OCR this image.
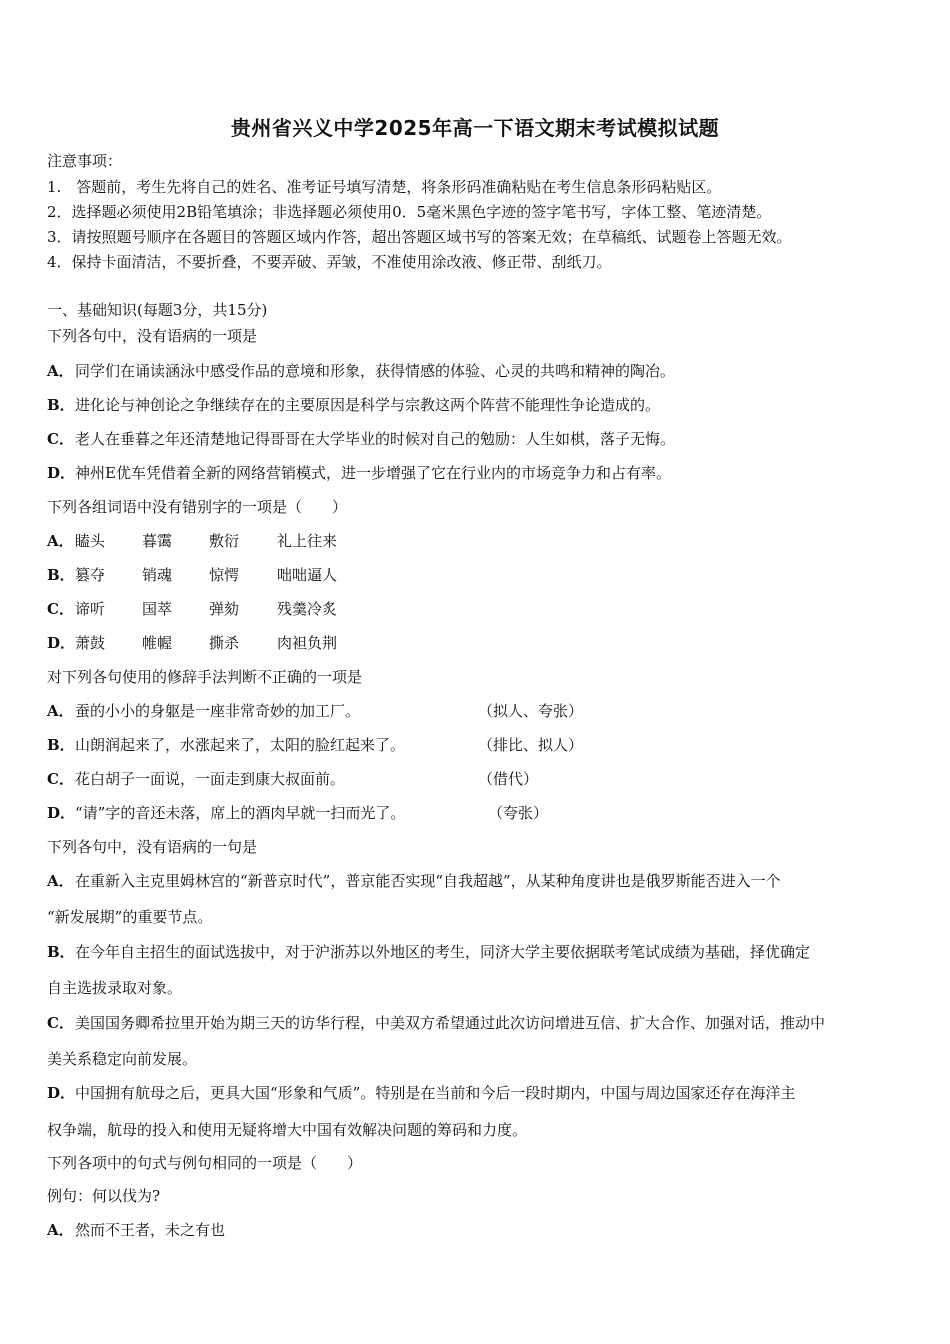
贵州省兴义中学2025年高一下语文期末考试模拟试题
注意事项：
1.　答题前，考生先将自己的姓名、准考证号填写清楚，将条形码准确粘贴在考生信息条形码粘贴区。
2．选择题必须使用2B铅笔填涂；非选择题必须使用0．5毫米黑色字迹的签字笔书写，字体工整、笔迹清楚。
3．请按照题号顺序在各题目的答题区域内作答，超出答题区域书写的答案无效；在草稿纸、试题卷上答题无效。
4．保持卡面清洁，不要折叠，不要弄破、弄皱，不准使用涂改液、修正带、刮纸刀。
一、基础知识(每题3分，共15分)
下列各句中，没有语病的一项是
A．同学们在诵读涵泳中感受作品的意境和形象，获得情感的体验、心灵的共鸣和精神的陶冶。
B．进化论与神创论之争继续存在的主要原因是科学与宗教这两个阵营不能理性争论造成的。
C．老人在垂暮之年还清楚地记得哥哥在大学毕业的时候对自己的勉励：人生如棋，落子无悔。
D．神州E优车凭借着全新的网络营销模式，进一步增强了它在行业内的市场竞争力和占有率。
下列各组词语中没有错别字的一项是（　　）
A． 瞌头 暮霭 敷衍	礼上往来
B． 篡夺 销魂 惊愕	咄咄逼人
C． 谛听 国萃 弹劾	残羹冷炙
D． 萧鼓 帷幄 撕杀	肉袒负荆
对下列各句使用的修辞手法判断不正确的一项是
A．蚕的小小的身躯是一座非常奇妙的加工厂。	（拟人、夸张）
B．山朗润起来了，水涨起来了，太阳的脸红起来了。	（排比、拟人）
C．花白胡子一面说，一面走到康大叔面前。	（借代）
D．“请”字的音还未落，席上的酒肉早就一扫而光了。	（夸张）
下列各句中，没有语病的一句是
A．在重新入主克里姆林宫的“新普京时代”，普京能否实现“自我超越”，从某种角度讲也是俄罗斯能否进入一个
“新发展期”的重要节点。
B．在今年自主招生的面试选拔中，对于沪浙苏以外地区的考生，同济大学主要依据联考笔试成绩为基础，择优确定
自主选拔录取对象。
C．美国国务卿希拉里开始为期三天的访华行程，中美双方希望通过此次访问增进互信、扩大合作、加强对话，推动中
美关系稳定向前发展。
D．中国拥有航母之后，更具大国“形象和气质”。特别是在当前和今后一段时期内，中国与周边国家还存在海洋主
权争端，航母的投入和使用无疑将增大中国有效解决问题的筹码和力度。
下列各项中的句式与例句相同的一项是（　　）
例句：何以伐为?
A．然而不王者，未之有也
